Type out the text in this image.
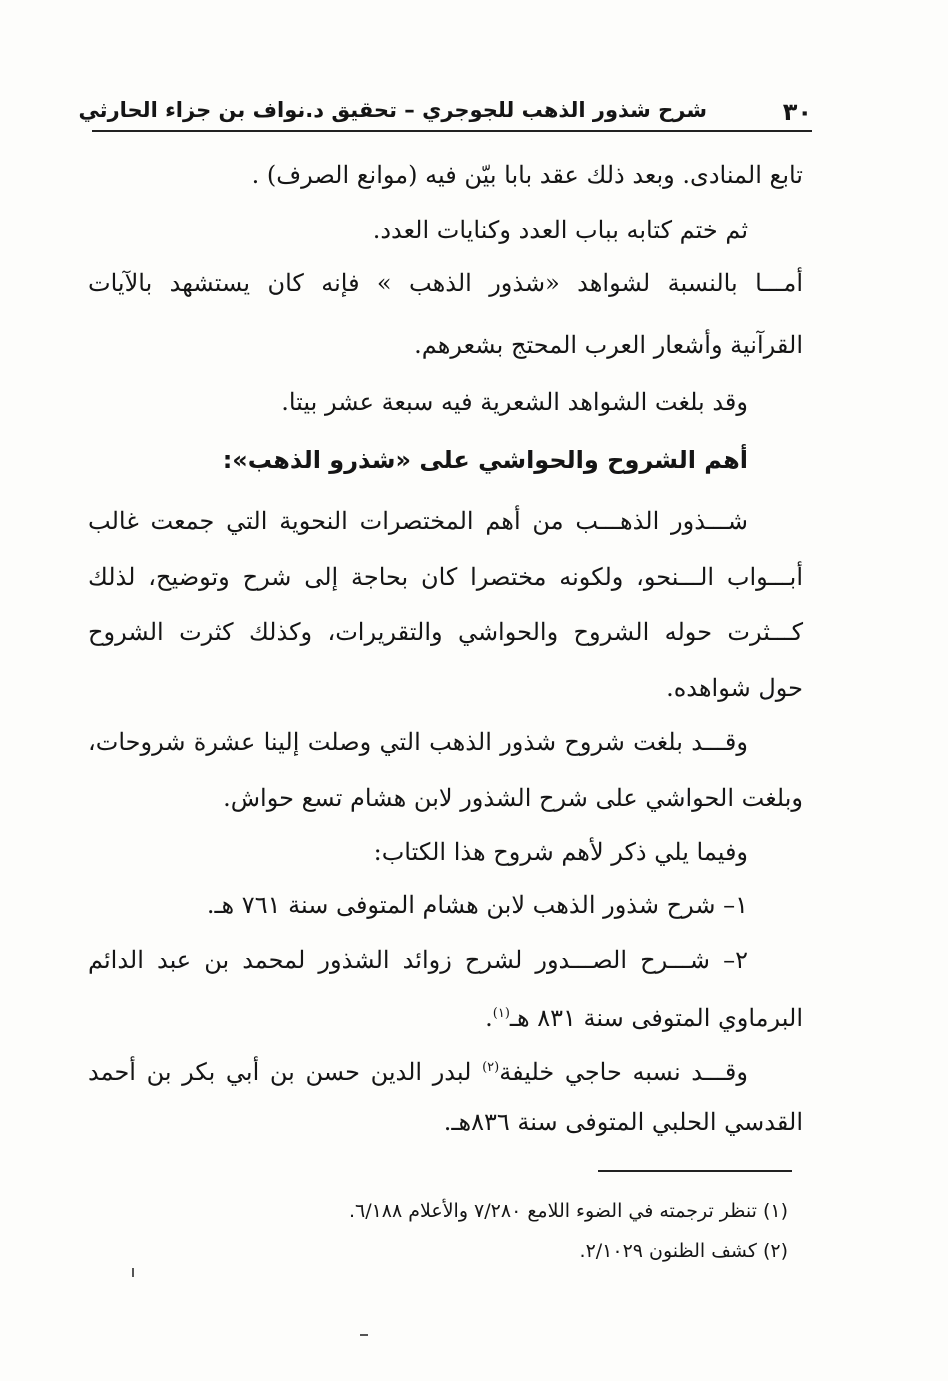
٣٠
شرح شذور الذهب للجوجري – تحقيق د.نواف بن جزاء الحارثي
تابع المنادى. وبعد ذلك عقد بابا بيّن فيه (موانع الصرف) .
ثم ختم كتابه بباب العدد وكنايات العدد.
أمـــا بالنسبة لشواهد «شذور الذهب » فإنه كان يستشهد بالآيات
القرآنية وأشعار العرب المحتج بشعرهم.
وقد بلغت الشواهد الشعرية فيه سبعة عشر بيتا.
أهم الشروح والحواشي على «شذرو الذهب»:
شـــذور الذهـــب من أهم المختصرات النحوية التي جمعت غالب
أبـــواب الـــنحو، ولكونه مختصرا كان بحاجة إلى شرح وتوضيح، لذلك
كـــثرت حوله الشروح والحواشي والتقريرات، وكذلك كثرت الشروح
حول شواهده.
وقـــد بلغت شروح شذور الذهب التي وصلت إلينا عشرة شروحات،
وبلغت الحواشي على شرح الشذور لابن هشام تسع حواش.
وفيما يلي ذكر لأهم شروح هذا الكتاب:
١– شرح شذور الذهب لابن هشام المتوفى سنة ٧٦١ هـ.
٢– شـــرح الصـــدور لشرح زوائد الشذور لمحمد بن عبد الدائم
البرماوي المتوفى سنة ٨٣١ هـ$^{(١)}$.
وقـــد نسبه حاجي خليفة$^{(٢)}$ لبدر الدين حسن بن أبي بكر بن أحمد
القدسي الحلبي المتوفى سنة ٨٣٦هـ.
(١) تنظر ترجمته في الضوء اللامع ٧/٢٨٠ والأعلام ٦/١٨٨.
(٢) كشف الظنون ٢/١٠٢٩.
